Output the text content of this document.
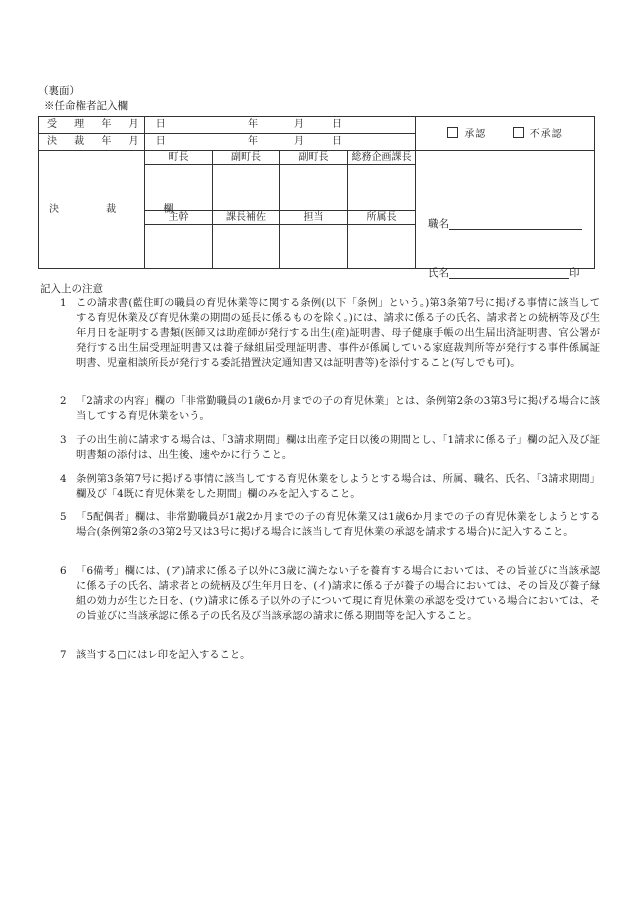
（裏面）
※任命権者記入欄
受 理 年 月 日	年 月 日				承認 不承認
決 裁 年 月 日	年 月 日				

決 裁 欄	町長	副町長	副町長	総務企画課長	職名
氏名 印

	主幹	課長補佐	担当	所属長	

記入上の注意
1 この請求書(藍住町の職員の育児休業等に関する条例(以下「条例」という。)第3条第7号に掲げる事情に該当してする育児休業及び育児休業の期間の延長に係るものを除く。)には、請求に係る子の氏名、請求者との続柄等及び生年月日を証明する書類(医師又は助産師が発行する出生(産)証明書、母子健康手帳の出生届出済証明書、官公署が発行する出生届受理証明書又は養子縁組届受理証明書、事件が係属している家庭裁判所等が発行する事件係属証明書、児童相談所長が発行する委託措置決定通知書又は証明書等)を添付すること(写しでも可)。
2 「2請求の内容」欄の「非常勤職員の1歳6か月までの子の育児休業」とは、条例第2条の3第3号に掲げる場合に該当してする育児休業をいう。
3 子の出生前に請求する場合は、「3請求期間」欄は出産予定日以後の期間とし、「1請求に係る子」欄の記入及び証明書類の添付は、出生後、速やかに行うこと。
4 条例第3条第7号に掲げる事情に該当してする育児休業をしようとする場合は、所属、職名、氏名、「3請求期間」欄及び「4既に育児休業をした期間」欄のみを記入すること。
5 「5配偶者」欄は、非常勤職員が1歳2か月までの子の育児休業又は1歳6か月までの子の育児休業をしようとする場合(条例第2条の3第2号又は3号に掲げる場合に該当して育児休業の承認を請求する場合)に記入すること。
6 「6備考」欄には、(ア)請求に係る子以外に3歳に満たない子を養育する場合においては、その旨並びに当該承認に係る子の氏名、請求者との続柄及び生年月日を、(イ)請求に係る子が養子の場合においては、その旨及び養子縁組の効力が生じた日を、(ウ)請求に係る子以外の子について現に育児休業の承認を受けている場合においては、その旨並びに当該承認に係る子の氏名及び当該承認の請求に係る期間等を記入すること。
7 該当する□にはレ印を記入すること。
